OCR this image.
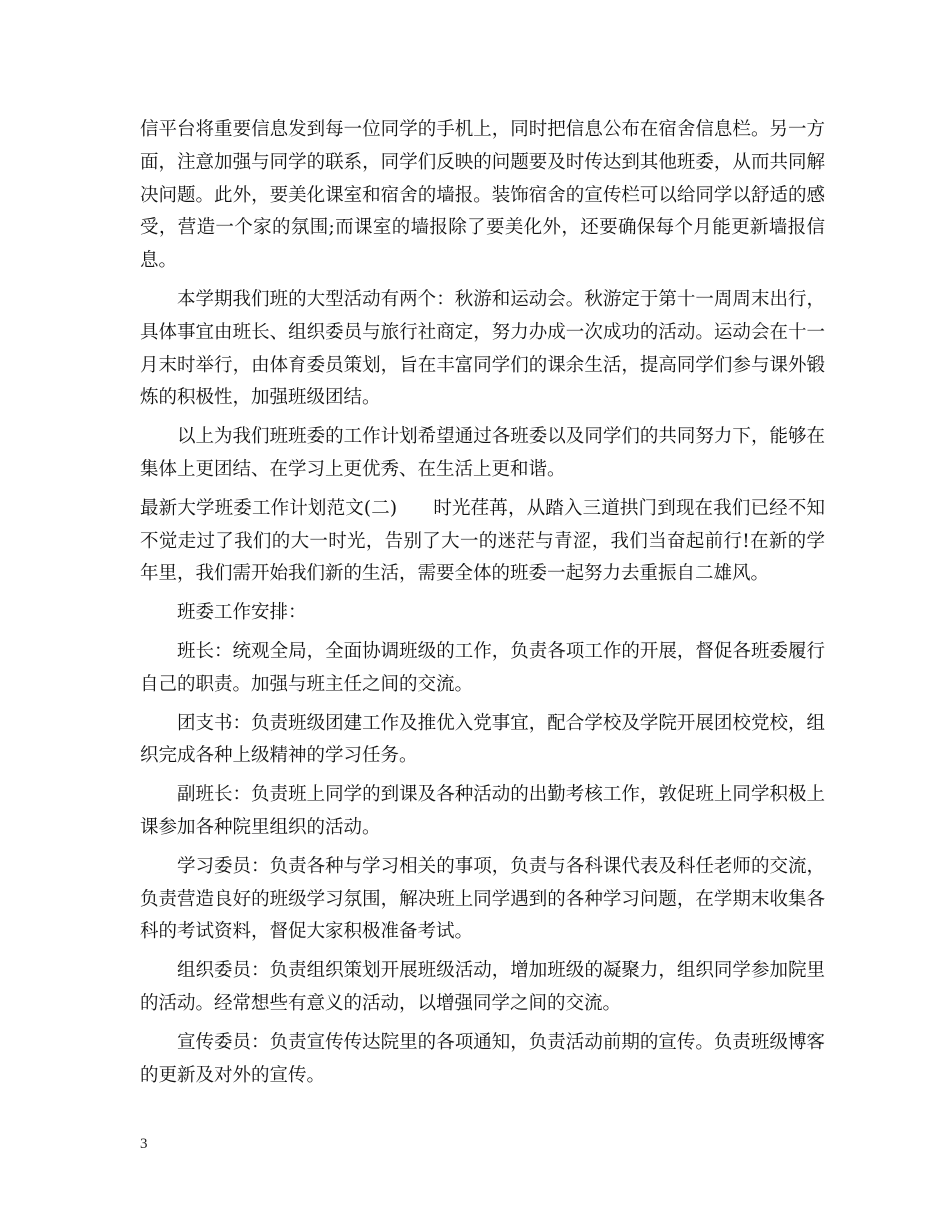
信平台将重要信息发到每一位同学的手机上，同时把信息公布在宿舍信息栏。另一方面，注意加强与同学的联系，同学们反映的问题要及时传达到其他班委，从而共同解决问题。此外，要美化课室和宿舍的墙报。装饰宿舍的宣传栏可以给同学以舒适的感受，营造一个家的氛围;而课室的墙报除了要美化外，还要确保每个月能更新墙报信息。

本学期我们班的大型活动有两个：秋游和运动会。秋游定于第十一周周末出行，具体事宜由班长、组织委员与旅行社商定，努力办成一次成功的活动。运动会在十一月末时举行，由体育委员策划，旨在丰富同学们的课余生活，提高同学们参与课外锻炼的积极性，加强班级团结。

以上为我们班班委的工作计划希望通过各班委以及同学们的共同努力下，能够在集体上更团结、在学习上更优秀、在生活上更和谐。

最新大学班委工作计划范文(二) 时光荏苒，从踏入三道拱门到现在我们已经不知不觉走过了我们的大一时光，告别了大一的迷茫与青涩，我们当奋起前行!在新的学年里，我们需开始我们新的生活，需要全体的班委一起努力去重振自二雄风。

班委工作安排：

班长：统观全局，全面协调班级的工作，负责各项工作的开展，督促各班委履行自己的职责。加强与班主任之间的交流。

团支书：负责班级团建工作及推优入党事宜，配合学校及学院开展团校党校，组织完成各种上级精神的学习任务。

副班长：负责班上同学的到课及各种活动的出勤考核工作，敦促班上同学积极上课参加各种院里组织的活动。

学习委员：负责各种与学习相关的事项，负责与各科课代表及科任老师的交流，负责营造良好的班级学习氛围，解决班上同学遇到的各种学习问题，在学期末收集各科的考试资料，督促大家积极准备考试。

组织委员：负责组织策划开展班级活动，增加班级的凝聚力，组织同学参加院里的活动。经常想些有意义的活动，以增强同学之间的交流。

宣传委员：负责宣传传达院里的各项通知，负责活动前期的宣传。负责班级博客的更新及对外的宣传。

3
